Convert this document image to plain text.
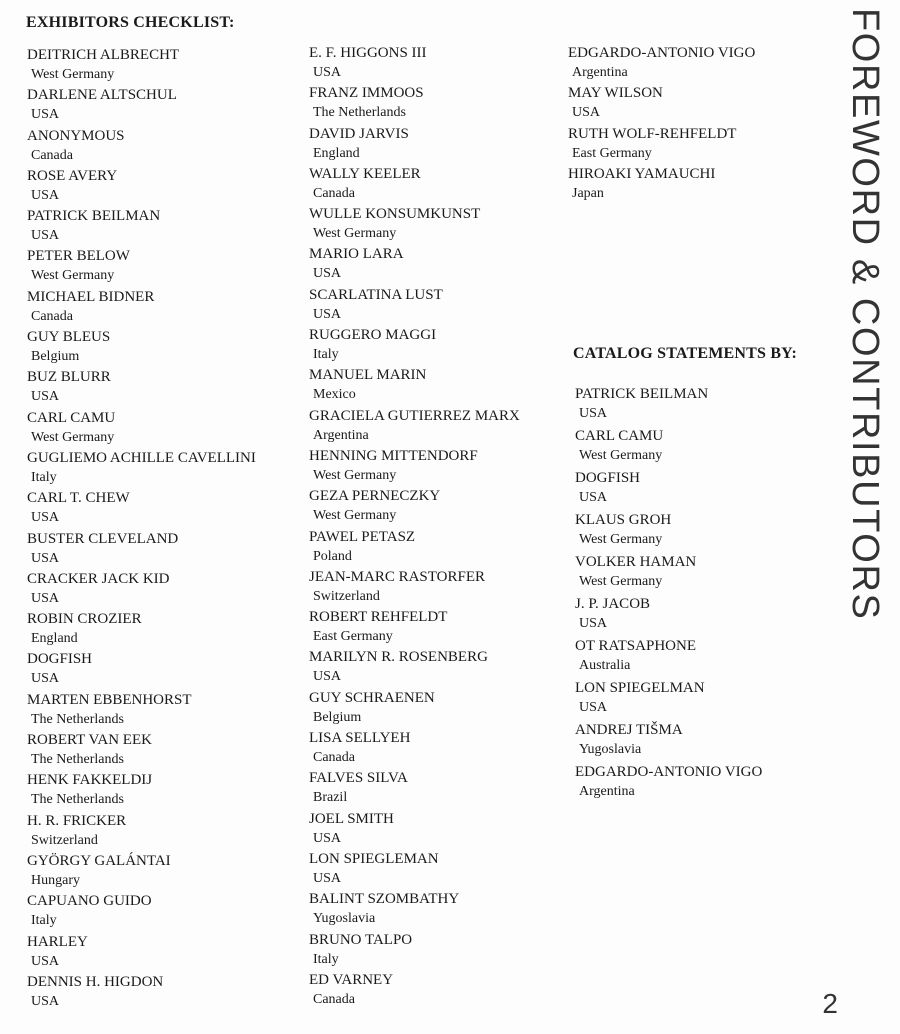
EXHIBITORS CHECKLIST:
DEITRICH ALBRECHT
West Germany
DARLENE ALTSCHUL
USA
ANONYMOUS
Canada
ROSE AVERY
USA
PATRICK BEILMAN
USA
PETER BELOW
West Germany
MICHAEL BIDNER
Canada
GUY BLEUS
Belgium
BUZ BLURR
USA
CARL CAMU
West Germany
GUGLIEMO ACHILLE CAVELLINI
Italy
CARL T. CHEW
USA
BUSTER CLEVELAND
USA
CRACKER JACK KID
USA
ROBIN CROZIER
England
DOGFISH
USA
MARTEN EBBENHORST
The Netherlands
ROBERT VAN EEK
The Netherlands
HENK FAKKELDIJ
The Netherlands
H. R. FRICKER
Switzerland
GYÖRGY GALÁNTAI
Hungary
CAPUANO GUIDO
Italy
HARLEY
USA
DENNIS H. HIGDON
USA
E. F. HIGGONS III
USA
FRANZ IMMOOS
The Netherlands
DAVID JARVIS
England
WALLY KEELER
Canada
WULLE KONSUMKUNST
West Germany
MARIO LARA
USA
SCARLATINA LUST
USA
RUGGERO MAGGI
Italy
MANUEL MARIN
Mexico
GRACIELA GUTIERREZ MARX
Argentina
HENNING MITTENDORF
West Germany
GEZA PERNECZKY
West Germany
PAWEL PETASZ
Poland
JEAN-MARC RASTORFER
Switzerland
ROBERT REHFELDT
East Germany
MARILYN R. ROSENBERG
USA
GUY SCHRAENEN
Belgium
LISA SELLYEH
Canada
FALVES SILVA
Brazil
JOEL SMITH
USA
LON SPIEGLEMAN
USA
BALINT SZOMBATHY
Yugoslavia
BRUNO TALPO
Italy
ED VARNEY
Canada
EDGARDO-ANTONIO VIGO
Argentina
MAY WILSON
USA
RUTH WOLF-REHFELDT
East Germany
HIROAKI YAMAUCHI
Japan
CATALOG STATEMENTS BY:
PATRICK BEILMAN
USA
CARL CAMU
West Germany
DOGFISH
USA
KLAUS GROH
West Germany
VOLKER HAMAN
West Germany
J. P. JACOB
USA
OT RATSAPHONE
Australia
LON SPIEGELMAN
USA
ANDREJ TIŠMA
Yugoslavia
EDGARDO-ANTONIO VIGO
Argentina
FOREWORD & CONTRIBUTORS
2
